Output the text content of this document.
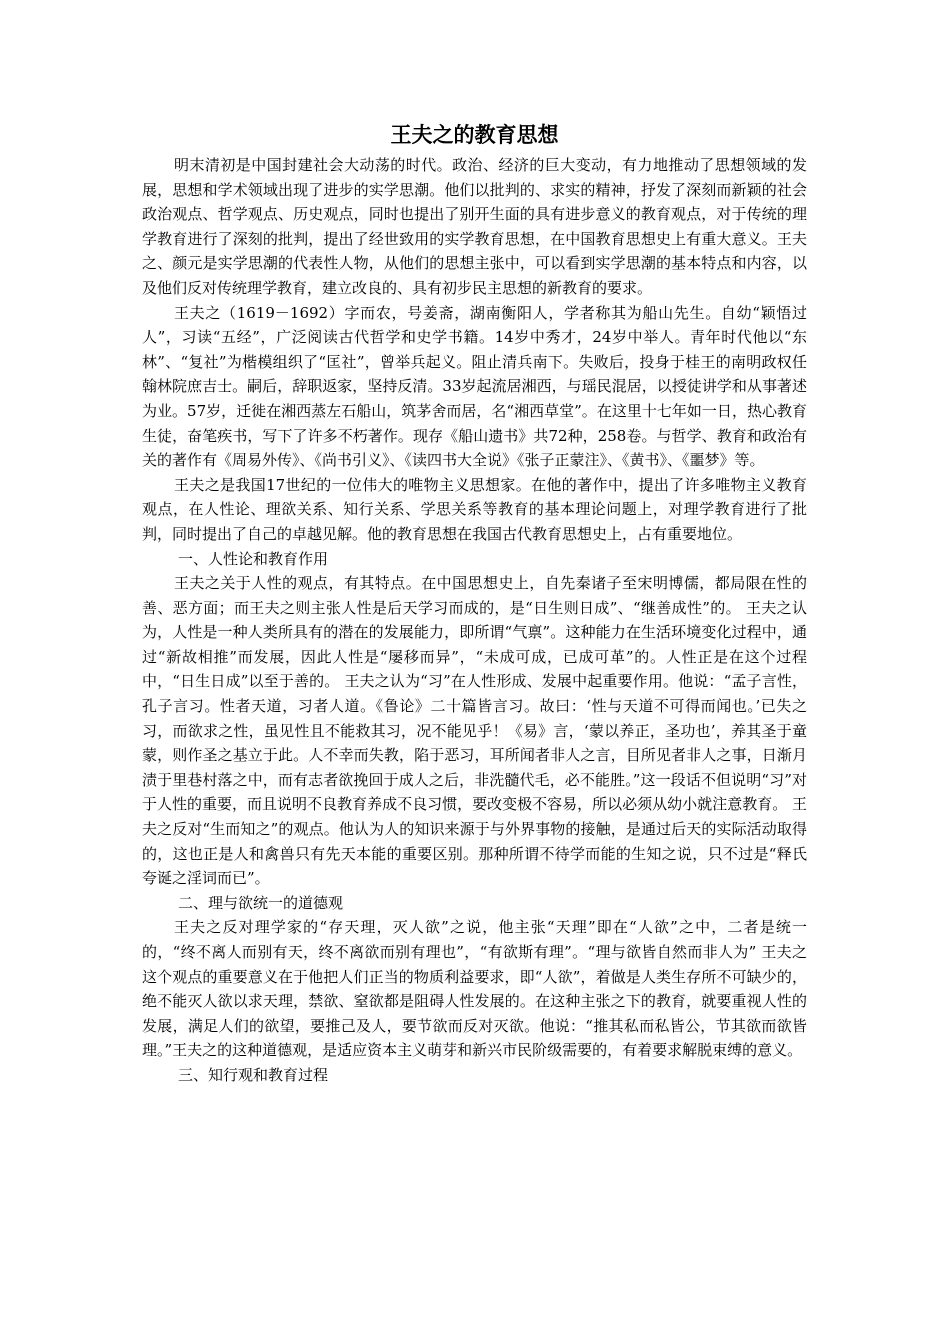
王夫之的教育思想

明末清初是中国封建社会大动荡的时代。政治、经济的巨大变动，有力地推动了思想领域的发展，思想和学术领域出现了进步的实学思潮。他们以批判的、求实的精神，抒发了深刻而新颖的社会政治观点、哲学观点、历史观点，同时也提出了别开生面的具有进步意义的教育观点，对于传统的理学教育进行了深刻的批判，提出了经世致用的实学教育思想，在中国教育思想史上有重大意义。王夫之、颜元是实学思潮的代表性人物，从他们的思想主张中，可以看到实学思潮的基本特点和内容，以及他们反对传统理学教育，建立改良的、具有初步民主思想的新教育的要求。

王夫之（1619－1692）字而农，号姜斋，湖南衡阳人，学者称其为船山先生。自幼“颖悟过人”，习读“五经”，广泛阅读古代哲学和史学书籍。14岁中秀才，24岁中举人。青年时代他以“东林”、“复社”为楷模组织了“匡社”，曾举兵起义。阻止清兵南下。失败后，投身于桂王的南明政权任翰林院庶吉士。嗣后，辞职返家，坚持反清。33岁起流居湘西，与瑶民混居，以授徒讲学和从事著述为业。57岁，迁徙在湘西蒸左石船山，筑茅舍而居，名“湘西草堂”。在这里十七年如一日，热心教育生徒，奋笔疾书，写下了许多不朽著作。现存《船山遗书》共72种，258卷。与哲学、教育和政治有关的著作有《周易外传》、《尚书引义》、《读四书大全说》《张子正蒙注》、《黄书》、《噩梦》等。

王夫之是我国17世纪的一位伟大的唯物主义思想家。在他的著作中，提出了许多唯物主义教育观点，在人性论、理欲关系、知行关系、学思关系等教育的基本理论问题上，对理学教育进行了批判，同时提出了自己的卓越见解。他的教育思想在我国古代教育思想史上，占有重要地位。

一、人性论和教育作用

王夫之关于人性的观点，有其特点。在中国思想史上，自先秦诸子至宋明博儒，都局限在性的善、恶方面；而王夫之则主张人性是后天学习而成的，是“日生则日成”、“继善成性”的。 王夫之认为，人性是一种人类所具有的潜在的发展能力，即所谓“气禀”。这种能力在生活环境变化过程中，通过“新故相推”而发展，因此人性是“屡移而异”，“未成可成，已成可革”的。人性正是在这个过程中，“日生日成”以至于善的。 王夫之认为“习”在人性形成、发展中起重要作用。他说：“孟子言性，孔子言习。性者天道，习者人道。《鲁论》二十篇皆言习。故曰：‘性与天道不可得而闻也。’已失之习，而欲求之性，虽见性且不能救其习，况不能见乎！《易》言，‘蒙以养正，圣功也’，养其圣于童蒙，则作圣之基立于此。人不幸而失教，陷于恶习，耳所闻者非人之言，目所见者非人之事，日渐月渍于里巷村落之中，而有志者欲挽回于成人之后，非洗髓代毛，必不能胜。”这一段话不但说明“习”对于人性的重要，而且说明不良教育养成不良习惯，要改变极不容易，所以必须从幼小就注意教育。 王夫之反对“生而知之”的观点。他认为人的知识来源于与外界事物的接触，是通过后天的实际活动取得的，这也正是人和禽兽只有先天本能的重要区别。那种所谓不待学而能的生知之说，只不过是“释氏夸诞之淫词而已”。

二、理与欲统一的道德观

王夫之反对理学家的“存天理，灭人欲”之说，他主张“天理”即在“人欲”之中，二者是统一的，“终不离人而别有天，终不离欲而别有理也”，“有欲斯有理”。“理与欲皆自然而非人为” 王夫之这个观点的重要意义在于他把人们正当的物质利益要求，即“人欲”，着做是人类生存所不可缺少的，绝不能灭人欲以求天理，禁欲、窒欲都是阻碍人性发展的。在这种主张之下的教育，就要重视人性的发展，满足人们的欲望，要推己及人，要节欲而反对灭欲。他说：“推其私而私皆公，节其欲而欲皆理。”王夫之的这种道德观，是适应资本主义萌芽和新兴市民阶级需要的，有着要求解脱束缚的意义。

三、知行观和教育过程
